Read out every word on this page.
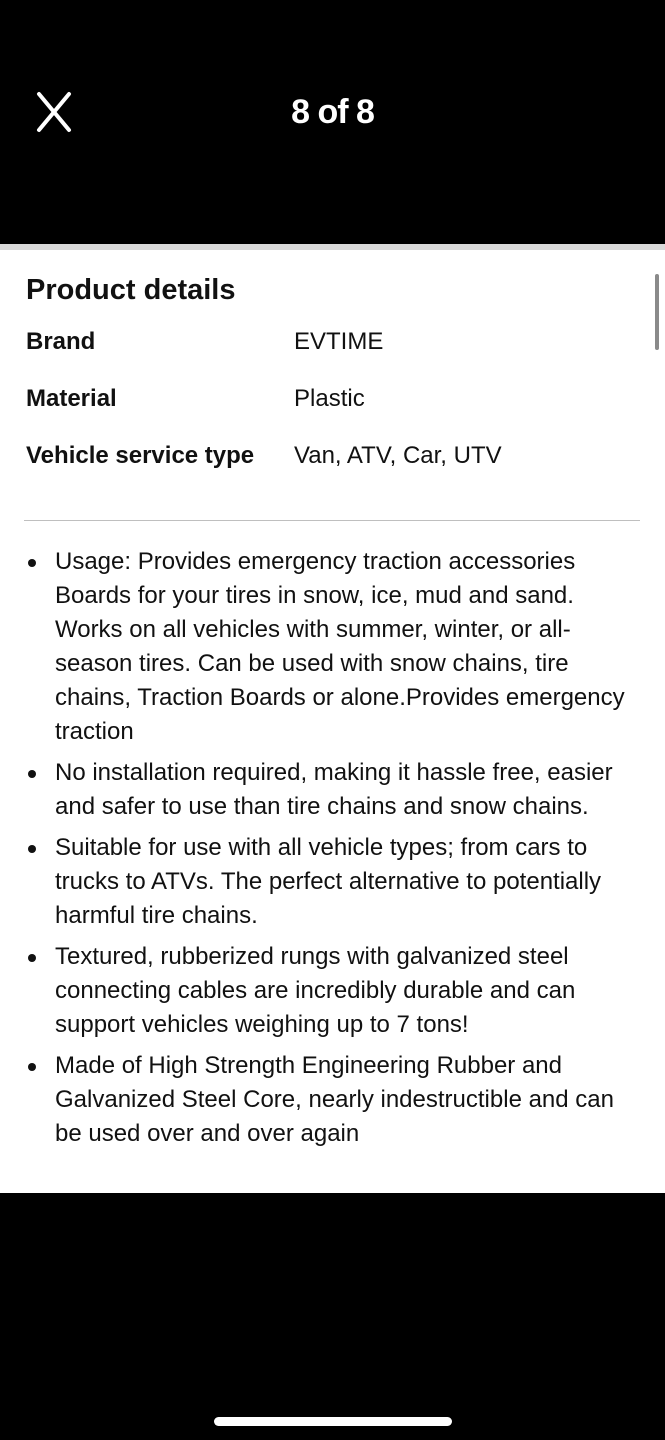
8 of 8
Product details
Brand	EVTIME
Material	Plastic
Vehicle service type	Van, ATV, Car, UTV
Usage: Provides emergency traction accessories Boards for your tires in snow, ice, mud and sand. Works on all vehicles with summer, winter, or all-season tires. Can be used with snow chains, tire chains, Traction Boards or alone.Provides emergency traction
No installation required, making it hassle free, easier and safer to use than tire chains and snow chains.
Suitable for use with all vehicle types; from cars to trucks to ATVs. The perfect alternative to potentially harmful tire chains.
Textured, rubberized rungs with galvanized steel connecting cables are incredibly durable and can support vehicles weighing up to 7 tons!
Made of High Strength Engineering Rubber and Galvanized Steel Core, nearly indestructible and can be used over and over again
